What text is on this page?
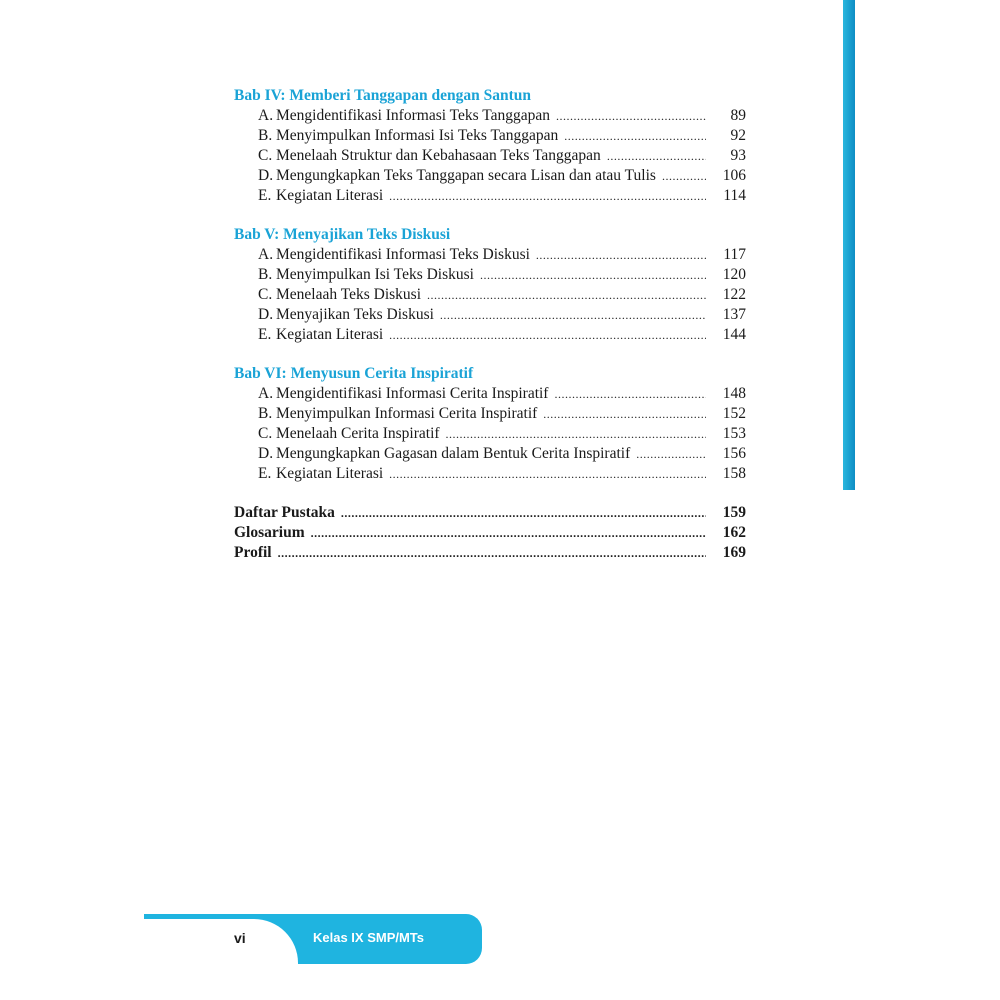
Bab IV: Memberi Tanggapan dengan Santun
A. Mengidentifikasi Informasi Teks Tanggapan .....	89
B. Menyimpulkan Informasi Isi Teks Tanggapan .....	92
C. Menelaah Struktur dan Kebahasaan Teks Tanggapan .....	93
D. Mengungkapkan Teks Tanggapan secara Lisan dan atau Tulis .....	106
E. Kegiatan Literasi .....	114
Bab V: Menyajikan Teks Diskusi
A. Mengidentifikasi Informasi Teks Diskusi .....	117
B. Menyimpulkan Isi Teks Diskusi .....	120
C. Menelaah Teks Diskusi .....	122
D. Menyajikan Teks Diskusi .....	137
E. Kegiatan Literasi .....	144
Bab VI: Menyusun Cerita Inspiratif
A. Mengidentifikasi Informasi Cerita Inspiratif .....	148
B. Menyimpulkan Informasi Cerita Inspiratif .....	152
C. Menelaah Cerita Inspiratif .....	153
D. Mengungkapkan Gagasan dalam Bentuk Cerita Inspiratif .....	156
E. Kegiatan Literasi .....	158
Daftar Pustaka .....	159
Glosarium .....	162
Profil .....	169
vi	Kelas IX SMP/MTs
